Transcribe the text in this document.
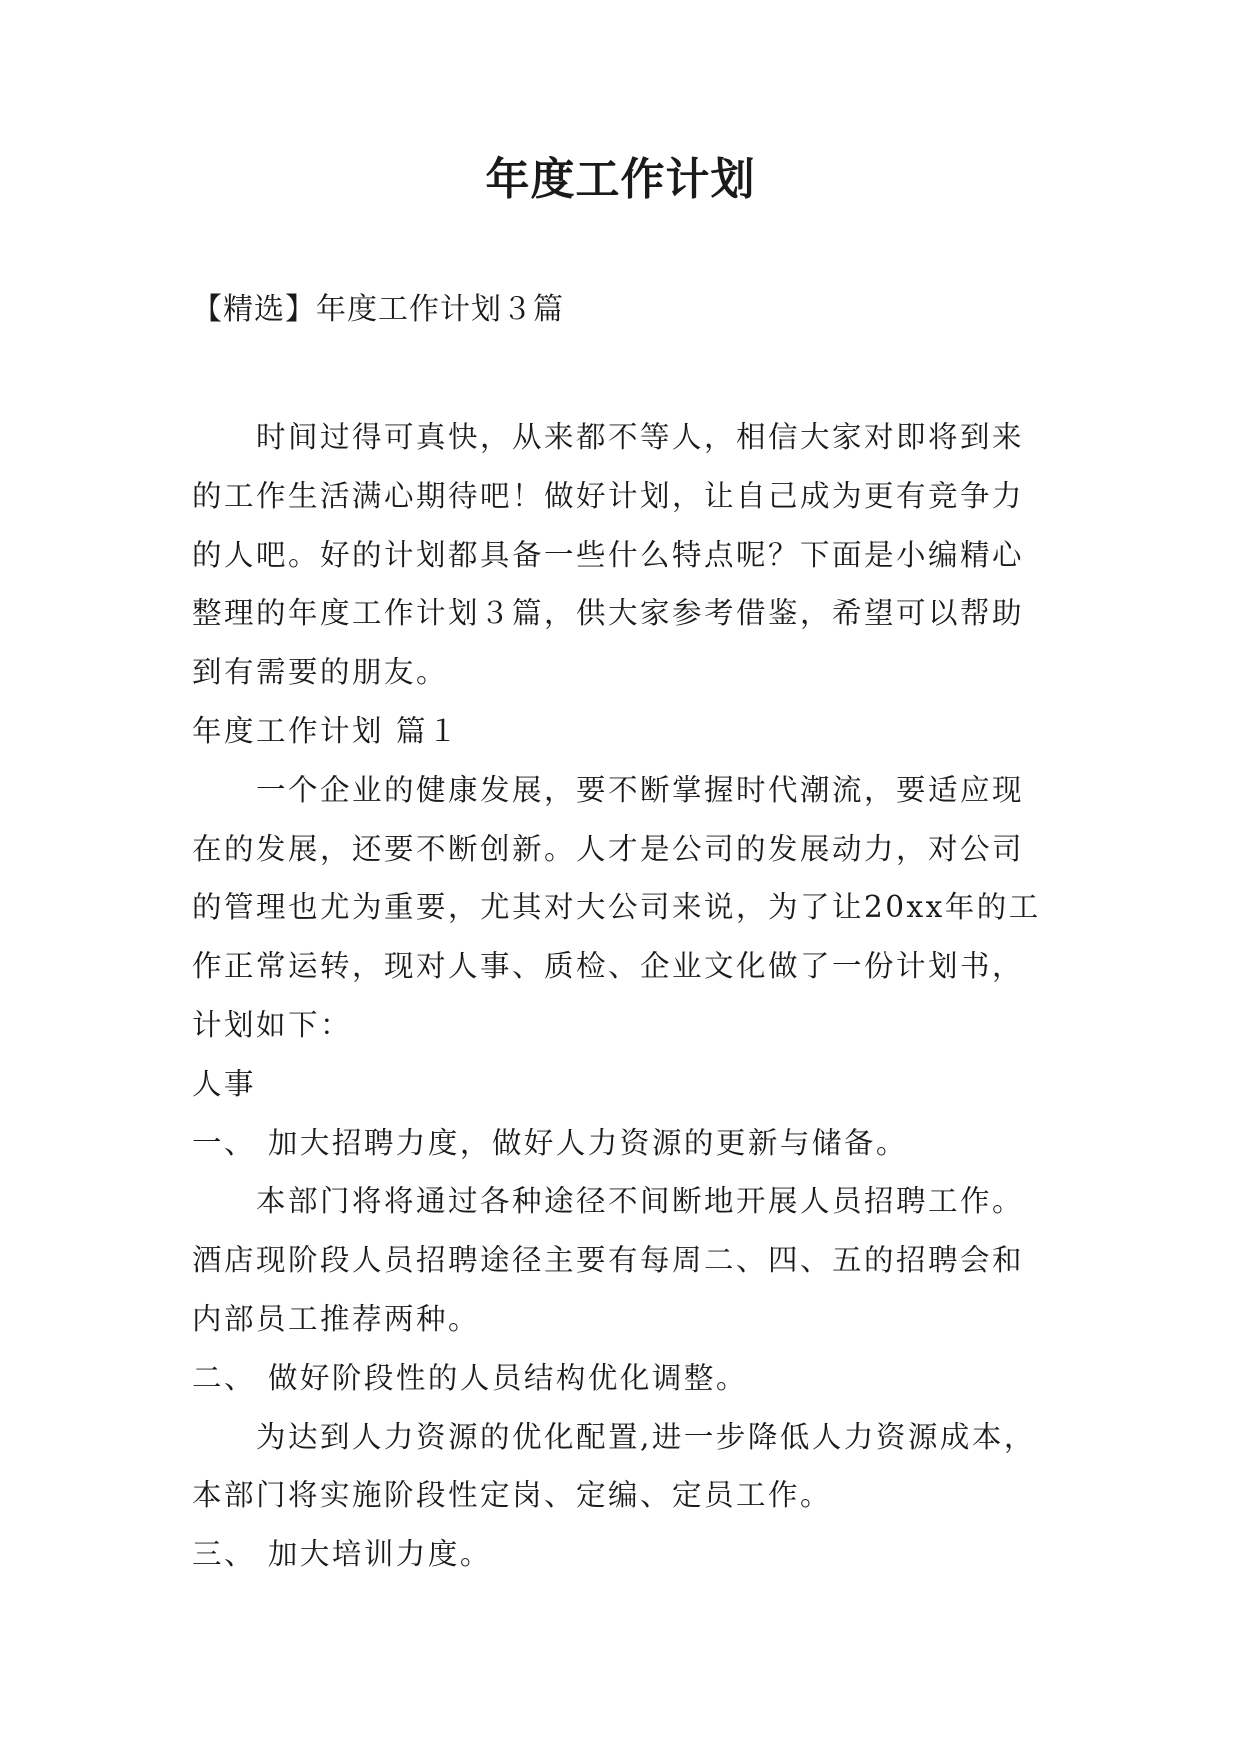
年度工作计划
【精选】年度工作计划３篇

时间过得可真快，从来都不等人，相信大家对即将到来的工作生活满心期待吧！做好计划，让自己成为更有竞争力的人吧。好的计划都具备一些什么特点呢？下面是小编精心整理的年度工作计划３篇，供大家参考借鉴，希望可以帮助到有需要的朋友。

年度工作计划 篇１

一个企业的健康发展，要不断掌握时代潮流，要适应现在的发展，还要不断创新。人才是公司的发展动力，对公司的管理也尤为重要，尤其对大公司来说，为了让20xx年的工作正常运转，现对人事、质检、企业文化做了一份计划书，计划如下：

人事

一、 加大招聘力度，做好人力资源的更新与储备。

本部门将将通过各种途径不间断地开展人员招聘工作。酒店现阶段人员招聘途径主要有每周二、四、五的招聘会和内部员工推荐两种。

二、 做好阶段性的人员结构优化调整。

为达到人力资源的优化配置,进一步降低人力资源成本，本部门将实施阶段性定岗、定编、定员工作。

三、 加大培训力度。
